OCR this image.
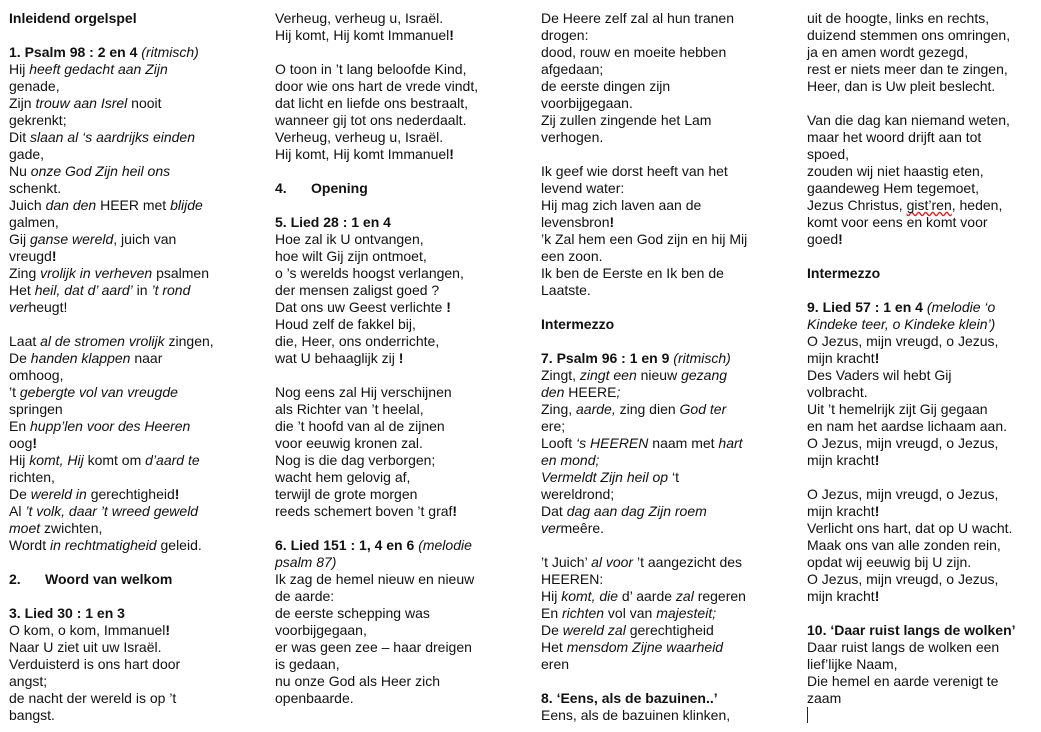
Inleidend orgelspel
1. Psalm 98 : 2 en 4 (ritmisch)
Hij heeft gedacht aan Zijn
genade,
Zijn trouw aan Isrel nooit
gekrenkt;
Dit slaan al ‘s aardrijks einden
gade,
Nu onze God Zijn heil ons
schenkt.
Juich dan den HEER met blijde
galmen,
Gij ganse wereld, juich van
vreugd!
Zing vrolijk in verheven psalmen
Het heil, dat d’ aard’ in ’t rond
verheugt!
Laat al de stromen vrolijk zingen,
De handen klappen naar
omhoog,
’t gebergte vol van vreugde
springen
En hupp’len voor des Heeren
oog!
Hij komt, Hij komt om d’aard te
richten,
De wereld in gerechtigheid!
Al ’t volk, daar ’t wreed geweld
moet zwichten,
Wordt in rechtmatigheid geleid.
2. Woord van welkom
3. Lied 30 : 1 en 3
O kom, o kom, Immanuel!
Naar U ziet uit uw Israël.
Verduisterd is ons hart door
angst;
de nacht der wereld is op ’t
bangst.
Verheug, verheug u, Israël.
Hij komt, Hij komt Immanuel!
O toon in ’t lang beloofde Kind,
door wie ons hart de vrede vindt,
dat licht en liefde ons bestraalt,
wanneer gij tot ons nederdaalt.
Verheug, verheug u, Israël.
Hij komt, Hij komt Immanuel!
4. Opening
5. Lied 28 : 1 en 4
Hoe zal ik U ontvangen,
hoe wilt Gij zijn ontmoet,
o ’s werelds hoogst verlangen,
der mensen zaligst goed ?
Dat ons uw Geest verlichte !
Houd zelf de fakkel bij,
die, Heer, ons onderrichte,
wat U behaaglijk zij !
Nog eens zal Hij verschijnen
als Richter van ’t heelal,
die ’t hoofd van al de zijnen
voor eeuwig kronen zal.
Nog is die dag verborgen;
wacht hem gelovig af,
terwijl de grote morgen
reeds schemert boven ’t graf!
6. Lied 151 : 1, 4 en 6 (melodie
psalm 87)
Ik zag de hemel nieuw en nieuw
de aarde:
de eerste schepping was
voorbijgegaan,
er was geen zee – haar dreigen
is gedaan,
nu onze God als Heer zich
openbaarde.
De Heere zelf zal al hun tranen
drogen:
dood, rouw en moeite hebben
afgedaan;
de eerste dingen zijn
voorbijgegaan.
Zij zullen zingende het Lam
verhogen.
Ik geef wie dorst heeft van het
levend water:
Hij mag zich laven aan de
levensbron!
’k Zal hem een God zijn en hij Mij
een zoon.
Ik ben de Eerste en Ik ben de
Laatste.
Intermezzo
7. Psalm 96 : 1 en 9 (ritmisch)
Zingt, zingt een nieuw gezang
den HEERE;
Zing, aarde, zing dien God ter
ere;
Looft ‘s HEEREN naam met hart
en mond;
Vermeldt Zijn heil op ‘t
wereldrond;
Dat dag aan dag Zijn roem
vermeêre.
’t Juich’ al voor ’t aangezicht des
HEEREN:
Hij komt, die d’ aarde zal regeren
En richten vol van majesteit;
De wereld zal gerechtigheid
Het mensdom Zijne waarheid
eren
8. ‘Eens, als de bazuinen..’
Eens, als de bazuinen klinken,
uit de hoogte, links en rechts,
duizend stemmen ons omringen,
ja en amen wordt gezegd,
rest er niets meer dan te zingen,
Heer, dan is Uw pleit beslecht.
Van die dag kan niemand weten,
maar het woord drijft aan tot
spoed,
zouden wij niet haastig eten,
gaandeweg Hem tegemoet,
Jezus Christus, gist’ren, heden,
komt voor eens en komt voor
goed!
Intermezzo
9. Lied 57 : 1 en 4 (melodie ‘o
Kindeke teer, o Kindeke klein’)
O Jezus, mijn vreugd, o Jezus,
mijn kracht!
Des Vaders wil hebt Gij
volbracht.
Uit ’t hemelrijk zijt Gij gegaan
en nam het aardse lichaam aan.
O Jezus, mijn vreugd, o Jezus,
mijn kracht!
O Jezus, mijn vreugd, o Jezus,
mijn kracht!
Verlicht ons hart, dat op U wacht.
Maak ons van alle zonden rein,
opdat wij eeuwig bij U zijn.
O Jezus, mijn vreugd, o Jezus,
mijn kracht!
10. ‘Daar ruist langs de wolken’
Daar ruist langs de wolken een
lief’lijke Naam,
Die hemel en aarde verenigt te
zaam
